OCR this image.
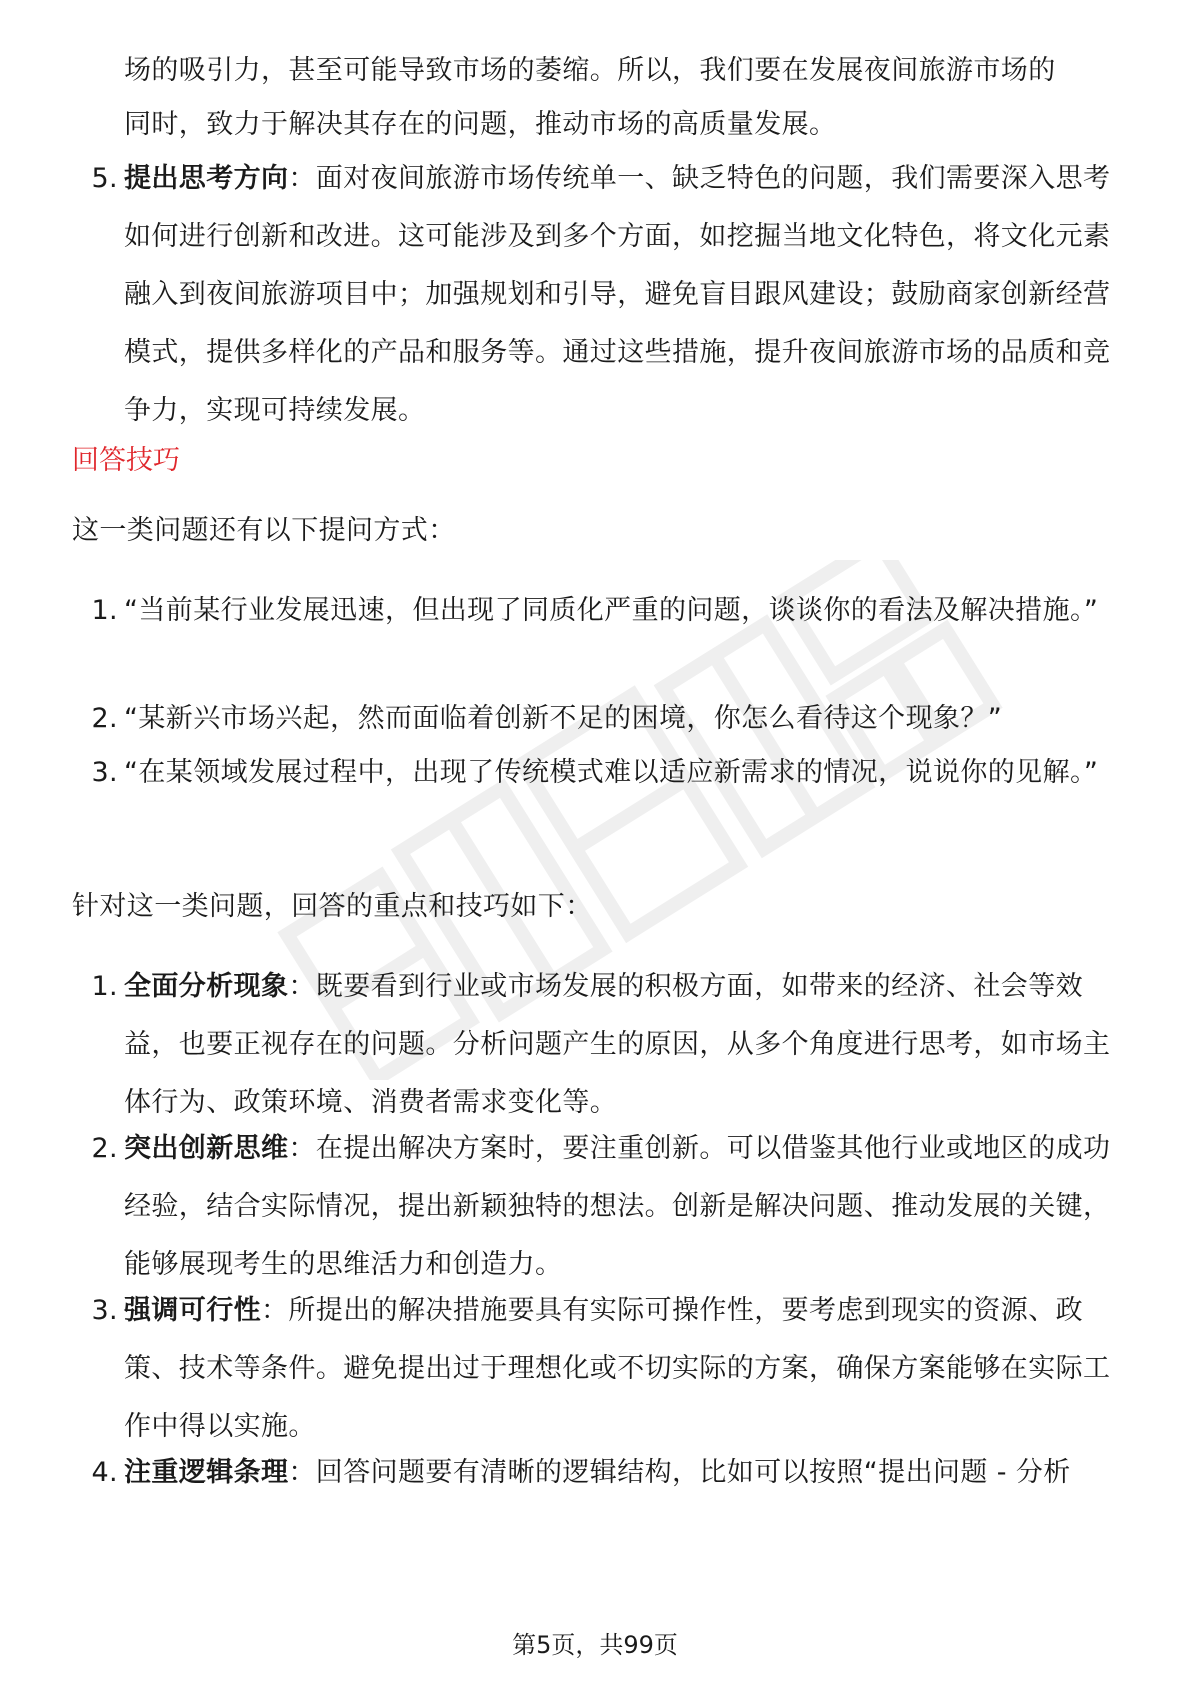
场的吸引力，甚至可能导致市场的萎缩。所以，我们要在发展夜间旅游市场的
同时，致力于解决其存在的问题，推动市场的高质量发展。
5. 提出思考方向：面对夜间旅游市场传统单一、缺乏特色的问题，我们需要深入思考如何进行创新和改进。这可能涉及到多个方面，如挖掘当地文化特色，将文化元素融入到夜间旅游项目中；加强规划和引导，避免盲目跟风建设；鼓励商家创新经营模式，提供多样化的产品和服务等。通过这些措施，提升夜间旅游市场的品质和竞争力，实现可持续发展。
回答技巧
这一类问题还有以下提问方式：
1. “当前某行业发展迅速，但出现了同质化严重的问题，谈谈你的看法及解决措施。”
2. “某新兴市场兴起，然而面临着创新不足的困境，你怎么看待这个现象？”
3. “在某领域发展过程中，出现了传统模式难以适应新需求的情况，说说你的见解。”
针对这一类问题，回答的重点和技巧如下：
1. 全面分析现象：既要看到行业或市场发展的积极方面，如带来的经济、社会等效益，也要正视存在的问题。分析问题产生的原因，从多个角度进行思考，如市场主体行为、政策环境、消费者需求变化等。
2. 突出创新思维：在提出解决方案时，要注重创新。可以借鉴其他行业或地区的成功经验，结合实际情况，提出新颖独特的想法。创新是解决问题、推动发展的关键，能够展现考生的思维活力和创造力。
3. 强调可行性：所提出的解决措施要具有实际可操作性，要考虑到现实的资源、政策、技术等条件。避免提出过于理想化或不切实际的方案，确保方案能够在实际工作中得以实施。
4. 注重逻辑条理：回答问题要有清晰的逻辑结构，比如可以按照“提出问题 - 分析
第5页，共99页
